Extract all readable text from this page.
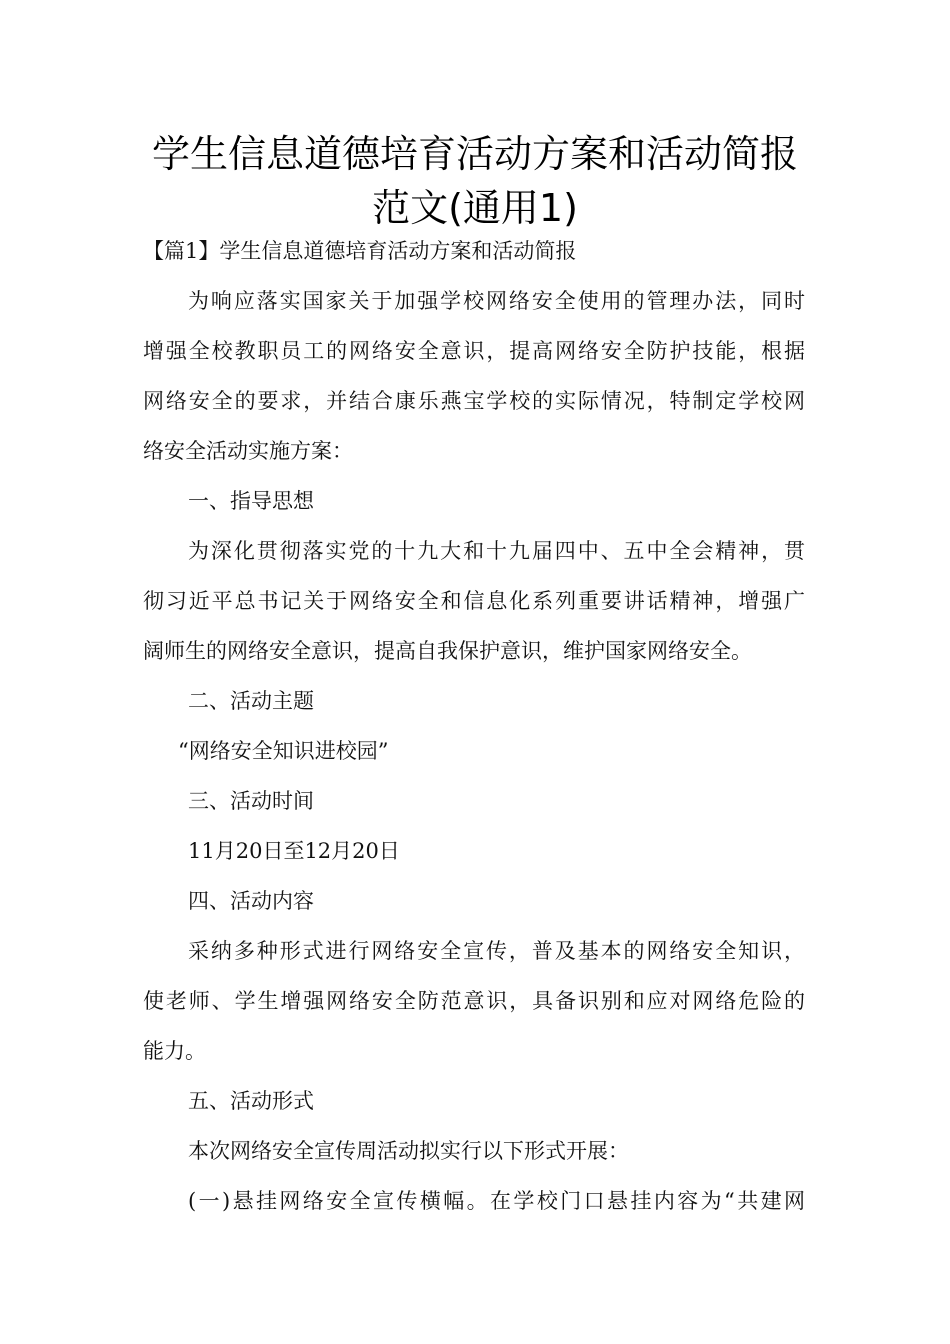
学生信息道德培育活动方案和活动简报
范文(通用1)
【篇1】学生信息道德培育活动方案和活动简报
为响应落实国家关于加强学校网络安全使用的管理办法，同时
增强全校教职员工的网络安全意识，提高网络安全防护技能，根据
网络安全的要求，并结合康乐燕宝学校的实际情况，特制定学校网
络安全活动实施方案：
一、指导思想
为深化贯彻落实党的十九大和十九届四中、五中全会精神，贯
彻习近平总书记关于网络安全和信息化系列重要讲话精神，增强广
阔师生的网络安全意识，提高自我保护意识，维护国家网络安全。
二、活动主题
“网络安全知识进校园”
三、活动时间
11月20日至12月20日
四、活动内容
采纳多种形式进行网络安全宣传，普及基本的网络安全知识，
使老师、学生增强网络安全防范意识，具备识别和应对网络危险的
能力。
五、活动形式
本次网络安全宣传周活动拟实行以下形式开展：
(一)悬挂网络安全宣传横幅。在学校门口悬挂内容为“共建网
